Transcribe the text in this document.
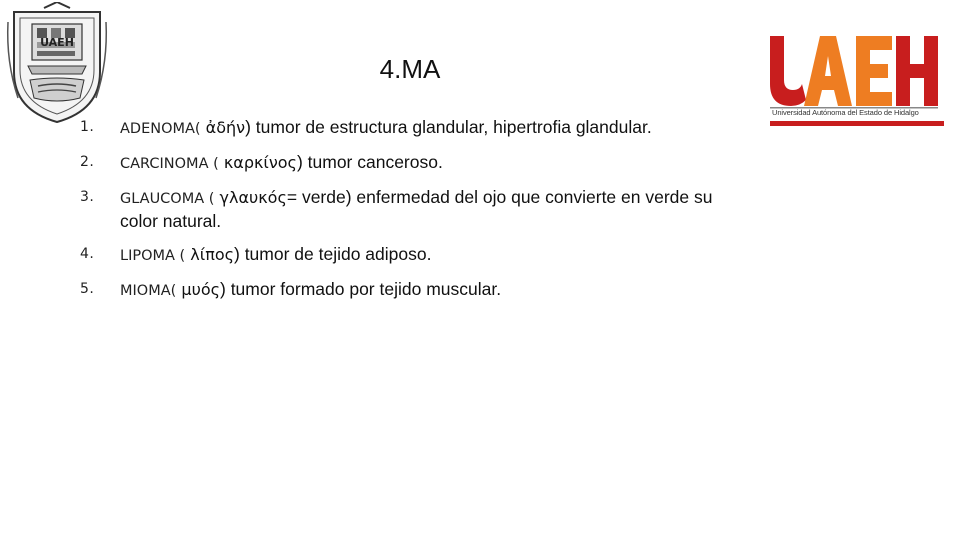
UAEH
4.MA
Universidad Autónoma del Estado de Hidalgo
1. ADENOMA( ἀδήν) tumor de estructura glandular, hipertrofia glandular.
2. CARCINOMA ( καρκίνος) tumor canceroso.
3. GLAUCOMA ( γλαυκός= verde) enfermedad del ojo que convierte en verde su color natural.
4. LIPOMA ( λίπος) tumor de tejido adiposo.
5. MIOMA( μυός) tumor formado por tejido muscular.
